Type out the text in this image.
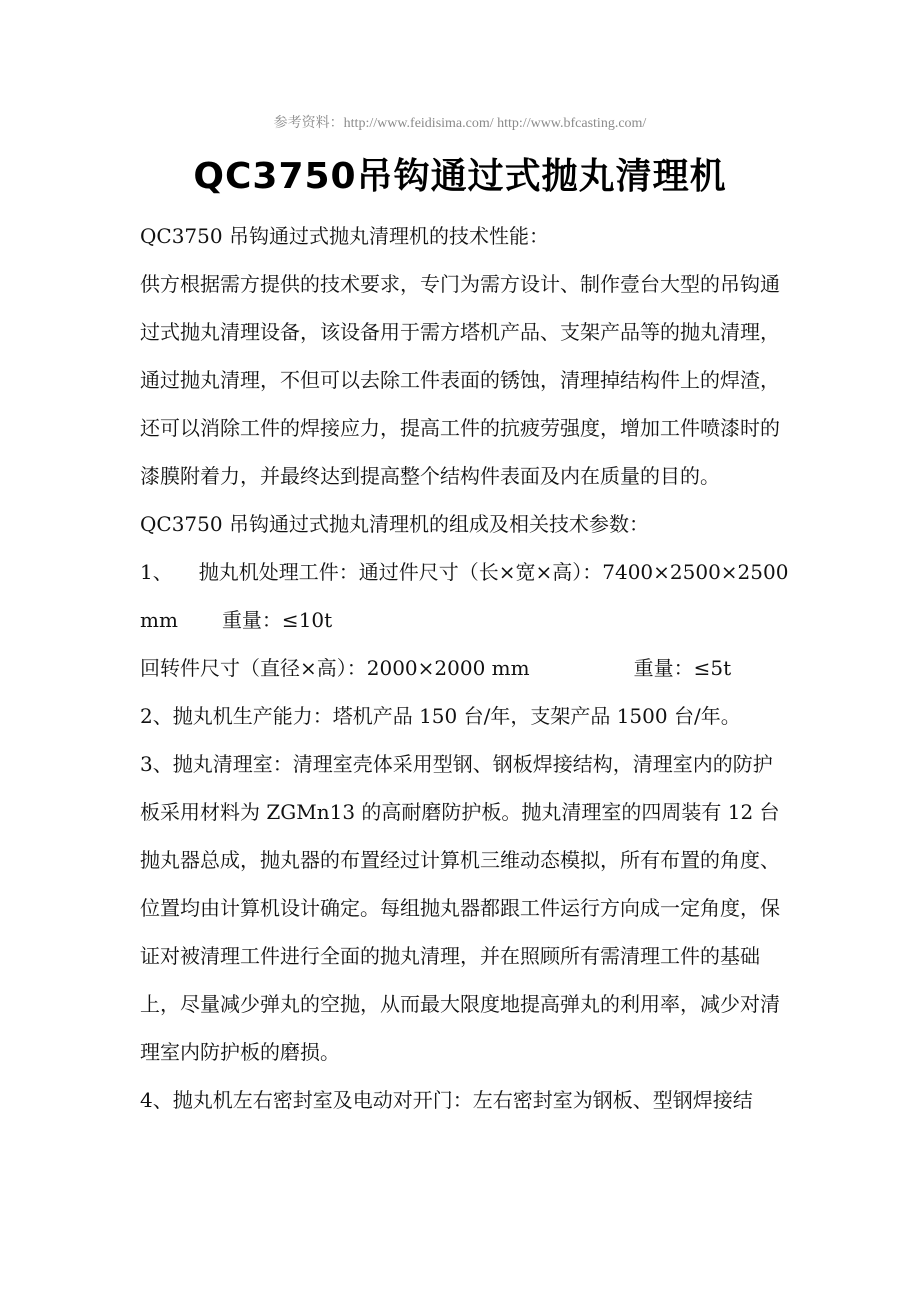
参考资料：http://www.feidisima.com/ http://www.bfcasting.com/
QC3750吊钩通过式抛丸清理机

QC3750 吊钩通过式抛丸清理机的技术性能：

供方根据需方提供的技术要求，专门为需方设计、制作壹台大型的吊钩通过式抛丸清理设备，该设备用于需方塔机产品、支架产品等的抛丸清理，通过抛丸清理，不但可以去除工件表面的锈蚀，清理掉结构件上的焊渣，还可以消除工件的焊接应力，提高工件的抗疲劳强度，增加工件喷漆时的漆膜附着力，并最终达到提高整个结构件表面及内在质量的目的。

QC3750 吊钩通过式抛丸清理机的组成及相关技术参数：

1、 抛丸机处理工件：通过件尺寸（长×宽×高）：7400×2500×2500
mm 重量：≤10t
回转件尺寸（直径×高）：2000×2000 mm	重量：≤5t

2、抛丸机生产能力：塔机产品 150 台/年，支架产品 1500 台/年。

3、抛丸清理室：清理室壳体采用型钢、钢板焊接结构，清理室内的防护板采用材料为 ZGMn13 的高耐磨防护板。抛丸清理室的四周装有 12 台抛丸器总成，抛丸器的布置经过计算机三维动态模拟，所有布置的角度、位置均由计算机设计确定。每组抛丸器都跟工件运行方向成一定角度，保证对被清理工件进行全面的抛丸清理，并在照顾所有需清理工件的基础上，尽量减少弹丸的空抛，从而最大限度地提高弹丸的利用率，减少对清理室内防护板的磨损。

4、抛丸机左右密封室及电动对开门：左右密封室为钢板、型钢焊接结
